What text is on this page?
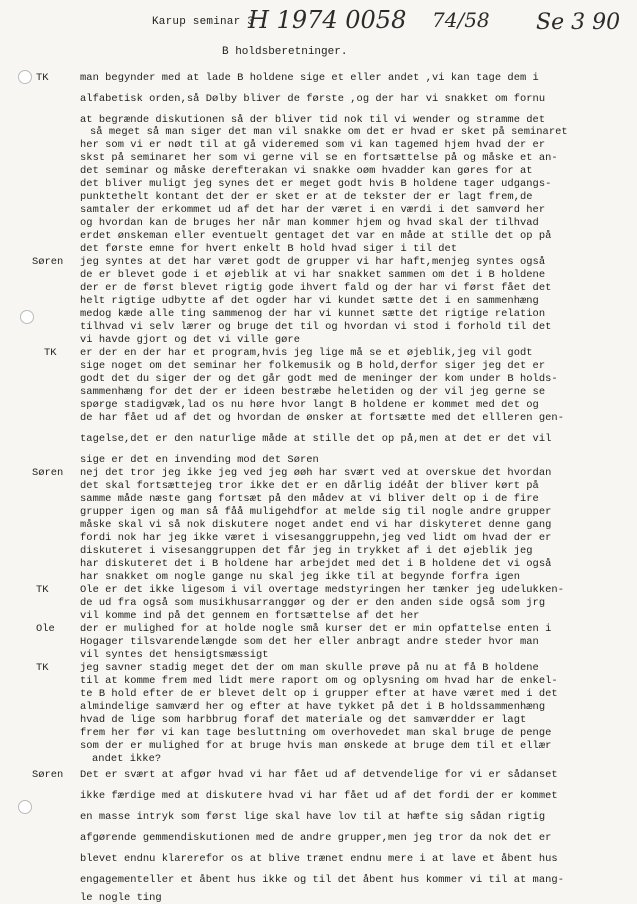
Karup seminar 3
H 1974 0058 74/58 Se 3 90
B holdsberetninger.
man begynder med at lade B holdene sige et eller andet ,vi kan tage dem i
alfabetisk orden,så Dølby bliver de første ,og der har vi snakket om fornu
at begrænde diskutionen så der bliver tid nok til vi wender og stramme det
så meget så man siger det man vil snakke om det er hvad er sket på seminaret
her som vi er nødt til at gå videremed som vi kan tagemed hjem hvad der er
skst på seminaret her som vi gerne vil se en fortsættelse på og måske et an-
det seminar og måske derefterakan vi snakke oøm hvadder kan gøres for at
det bliver muligt jeg synes det er meget godt hvis B holdene tager udgangs-
punktethelt kontant det der er sket er at de tekster der er lagt frem,de
samtaler der erkommet ud af det har der været i en værdi i det samvørd her
og hvordan kan de bruges her når man kommer hjem og hvad skal der tilhvad
erdet ønskeman eller eventuelt gentaget det var en måde at stille det op på
det første emne for hvert enkelt B hold hvad siger i til det
jeg syntes at det har været godt de grupper vi har haft,menjeg syntes også
de er blevet gode i et øjeblik at vi har snakket sammen om det i B holdene
der er de først blevet rigtig gode ihvert fald og der har vi først fået det
helt rigtige udbytte af det ogder har vi kundet sætte det i en sammenhæng
medog kæde alle ting sammenog der har vi kunnet sætte det rigtige relation
tilhvad vi selv lærer og bruge det til og hvordan vi stod i forhold til det
vi havde gjort og det vi ville gøre
er der en der har et program,hvis jeg lige må se et øjeblik,jeg vil godt
sige noget om det seminar her folkemusik og B hold,derfor siger jeg det er
godt det du siger der og det går godt med de meninger der kom under B holds-
sammenhæng for det der er ideen bestræbe heletiden og der vil jeg gerne se
spørge stadigvæk,lad os nu høre hvor langt B holdene er kommet med det og
de har fået ud af det og hvordan de ønsker at fortsætte med det ellleren gen-
tagelse,det er den naturlige måde at stille det op på,men at det er det vil
sige er det en invending mod det Søren
nej det tror jeg ikke jeg ved jeg øøh har svært ved at overskue det hvordan
det skal fortsættejeg tror ikke det er en dårlig idéåt der bliver kørt på
samme måde næste gang fortsæt på den mådev at vi bliver delt op i de fire
grupper igen og man så fåå muligehdfor at melde sig til nogle andre grupper
måske skal vi så nok diskutere noget andet end vi har diskyteret denne gang
fordi nok har jeg ikke været i visesanggruppehn,jeg ved lidt om hvad der er
diskuteret i visesanggruppen det får jeg in trykket af i det øjeblik jeg
har diskuteret det i B holdene har arbejdet med det i B holdene det vi også
har snakket om nogle gange nu skal jeg ikke til at begynde forfra igen
Ole er det ikke ligesom i vil overtage medstyringen her tænker jeg udelukken-
de ud fra også som musikhusarranggør og der er den anden side også som jrg
vil komme ind på det gennem en fortsættelse af det her
der er mulighed for at holde nogle små kurser det er min opfattelse enten i
Hogager tilsvarendelængde som det her eller anbragt andre steder hvor man
vil syntes det hensigtsmæssigt
jeg savner stadig meget det der om man skulle prøve på nu at få B holdene
til at komme frem med lidt mere raport om og oplysning om hvad har de enkel-
te B hold efter de er blevet delt op i grupper efter at have været med i det
almindelige samværd her og efter at have tykket på det i B holdssammenhæng
hvad de lige som harbbrug foraf det materiale og det samværdder er lagt
frem her før vi kan tage besluttning om overhovedet man skal bruge de penge
som der er mulighed for at bruge hvis man ønskede at bruge dem til et ellær
andet ikke?
Det er svært at afgør hvad vi har fået ud af detvendelige for vi er sådanset
ikke færdige med at diskutere hvad vi har fået ud af det fordi der er kommet
en masse intryk som først lige skal have lov til at hæfte sig sådan rigtig
afgørende gemmendiskutionen med de andre grupper,men jeg tror da nok det er
blevet endnu klarerefor os at blive trænet endnu mere i at lave et åbent hus
engagementeller et åbent hus ikke og til det åbent hus kommer vi til at mang-
le nogle ting
TK
Søren
TK
Søren
TK
Ole
TK
Søren
